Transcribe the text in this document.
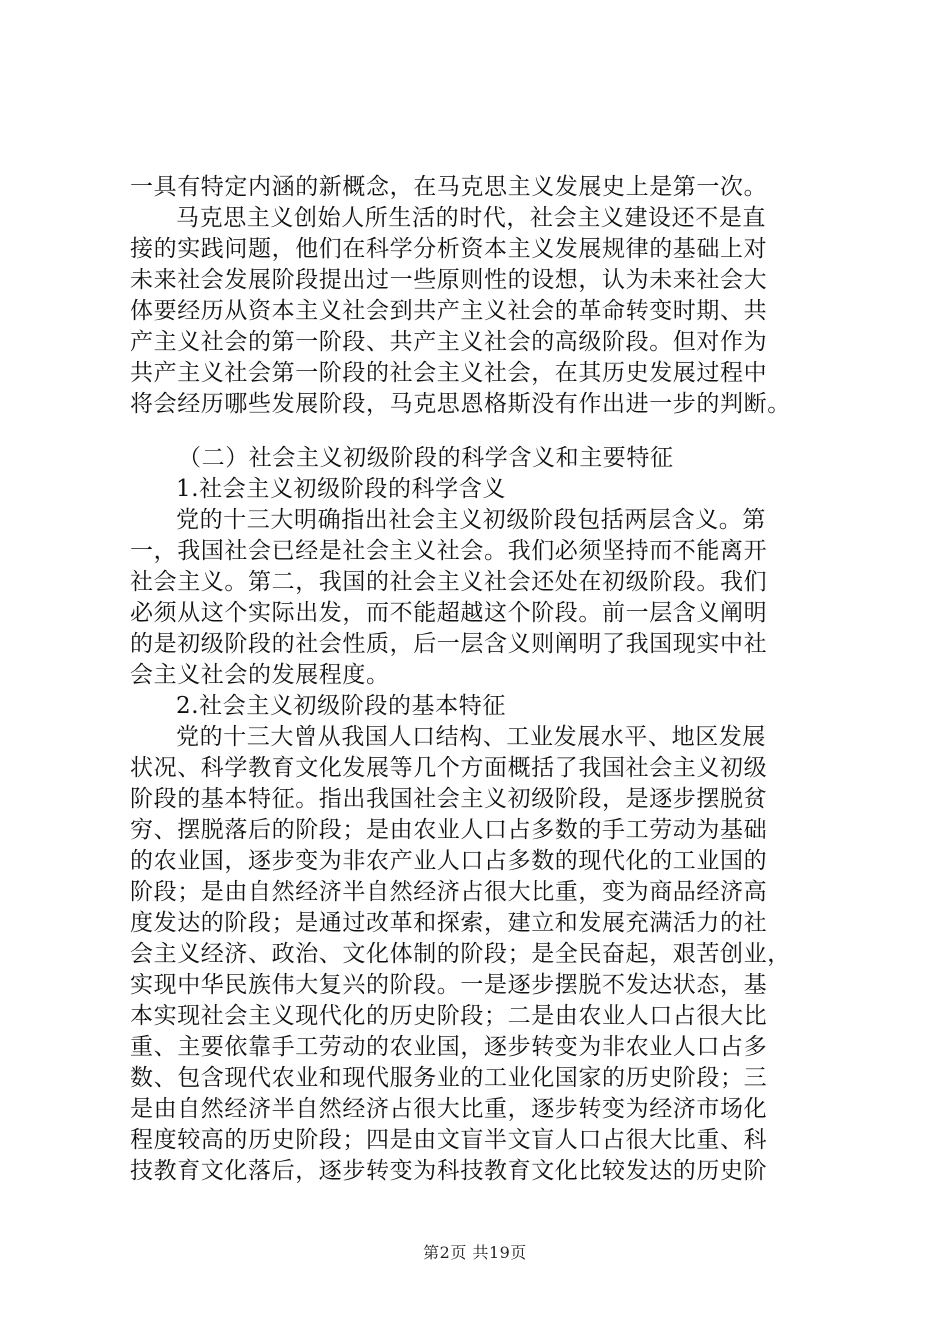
一具有特定内涵的新概念，在马克思主义发展史上是第一次。
马克思主义创始人所生活的时代，社会主义建设还不是直
接的实践问题，他们在科学分析资本主义发展规律的基础上对
未来社会发展阶段提出过一些原则性的设想，认为未来社会大
体要经历从资本主义社会到共产主义社会的革命转变时期、共
产主义社会的第一阶段、共产主义社会的高级阶段。但对作为
共产主义社会第一阶段的社会主义社会，在其历史发展过程中
将会经历哪些发展阶段，马克思恩格斯没有作出进一步的判断。
（二）社会主义初级阶段的科学含义和主要特征
1.社会主义初级阶段的科学含义
党的十三大明确指出社会主义初级阶段包括两层含义。第
一，我国社会已经是社会主义社会。我们必须坚持而不能离开
社会主义。第二，我国的社会主义社会还处在初级阶段。我们
必须从这个实际出发，而不能超越这个阶段。前一层含义阐明
的是初级阶段的社会性质，后一层含义则阐明了我国现实中社
会主义社会的发展程度。
2.社会主义初级阶段的基本特征
党的十三大曾从我国人口结构、工业发展水平、地区发展
状况、科学教育文化发展等几个方面概括了我国社会主义初级
阶段的基本特征。指出我国社会主义初级阶段，是逐步摆脱贫
穷、摆脱落后的阶段；是由农业人口占多数的手工劳动为基础
的农业国，逐步变为非农产业人口占多数的现代化的工业国的
阶段；是由自然经济半自然经济占很大比重，变为商品经济高
度发达的阶段；是通过改革和探索，建立和发展充满活力的社
会主义经济、政治、文化体制的阶段；是全民奋起，艰苦创业，
实现中华民族伟大复兴的阶段。一是逐步摆脱不发达状态，基
本实现社会主义现代化的历史阶段；二是由农业人口占很大比
重、主要依靠手工劳动的农业国，逐步转变为非农业人口占多
数、包含现代农业和现代服务业的工业化国家的历史阶段；三
是由自然经济半自然经济占很大比重，逐步转变为经济市场化
程度较高的历史阶段；四是由文盲半文盲人口占很大比重、科
技教育文化落后，逐步转变为科技教育文化比较发达的历史阶
第2页 共19页
